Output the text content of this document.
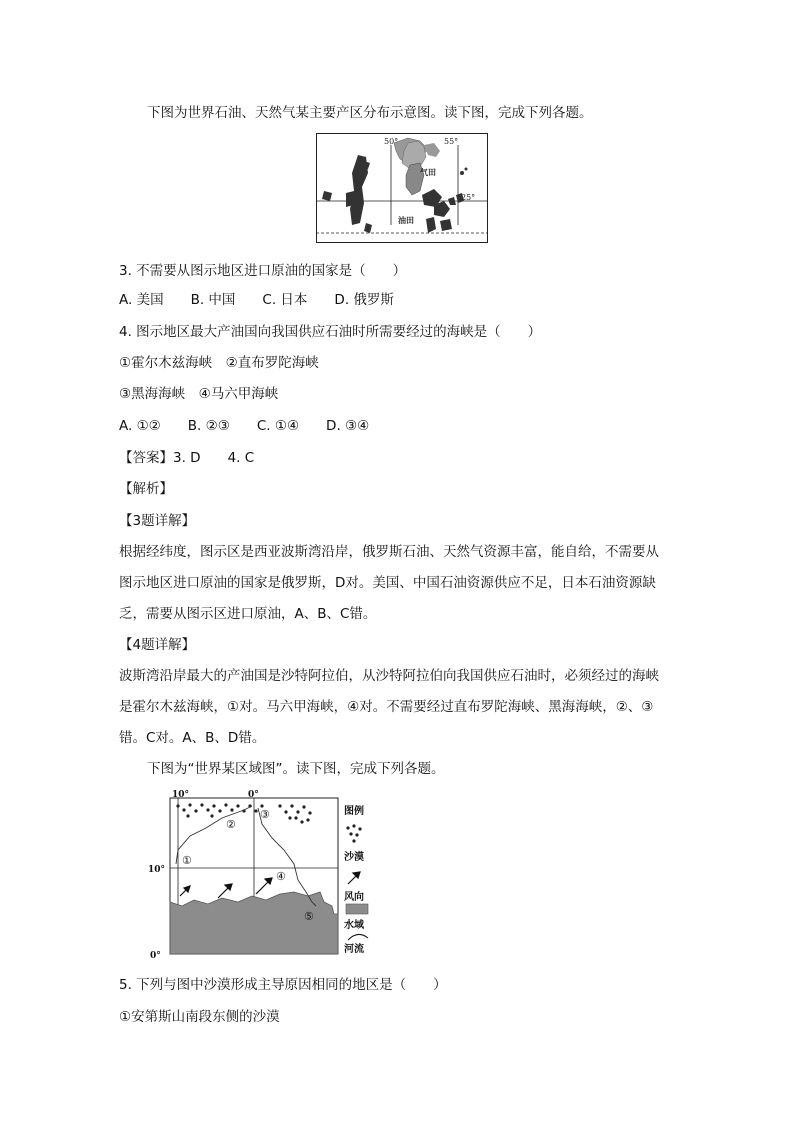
下图为世界石油、天然气某主要产区分布示意图。读下图，完成下列各题。
50°	55°
25°
气田
油田
3. 不需要从图示地区进口原油的国家是（　　）
A. 美国　　B. 中国　　C. 日本　　D. 俄罗斯
4. 图示地区最大产油国向我国供应石油时所需要经过的海峡是（　　）
①霍尔木兹海峡　②直布罗陀海峡
③黑海海峡　④马六甲海峡
A. ①②　　B. ②③　　C. ①④　　D. ③④
【答案】3. D　　4. C
【解析】
【3题详解】
根据经纬度，图示区是西亚波斯湾沿岸，俄罗斯石油、天然气资源丰富，能自给，不需要从
图示地区进口原油的国家是俄罗斯，D对。美国、中国石油资源供应不足，日本石油资源缺
乏，需要从图示区进口原油，A、B、C错。
【4题详解】
波斯湾沿岸最大的产油国是沙特阿拉伯，从沙特阿拉伯向我国供应石油时，必须经过的海峡
是霍尔木兹海峡，①对。马六甲海峡，④对。不需要经过直布罗陀海峡、黑海海峡，②、③
错。C对。A、B、D错。
下图为“世界某区域图”。读下图，完成下列各题。
①
②
③
④
⑤
10°	0°
10°
0°
图例
沙漠
风向
水域
河流
5. 下列与图中沙漠形成主导原因相同的地区是（　　）
①安第斯山南段东侧的沙漠
